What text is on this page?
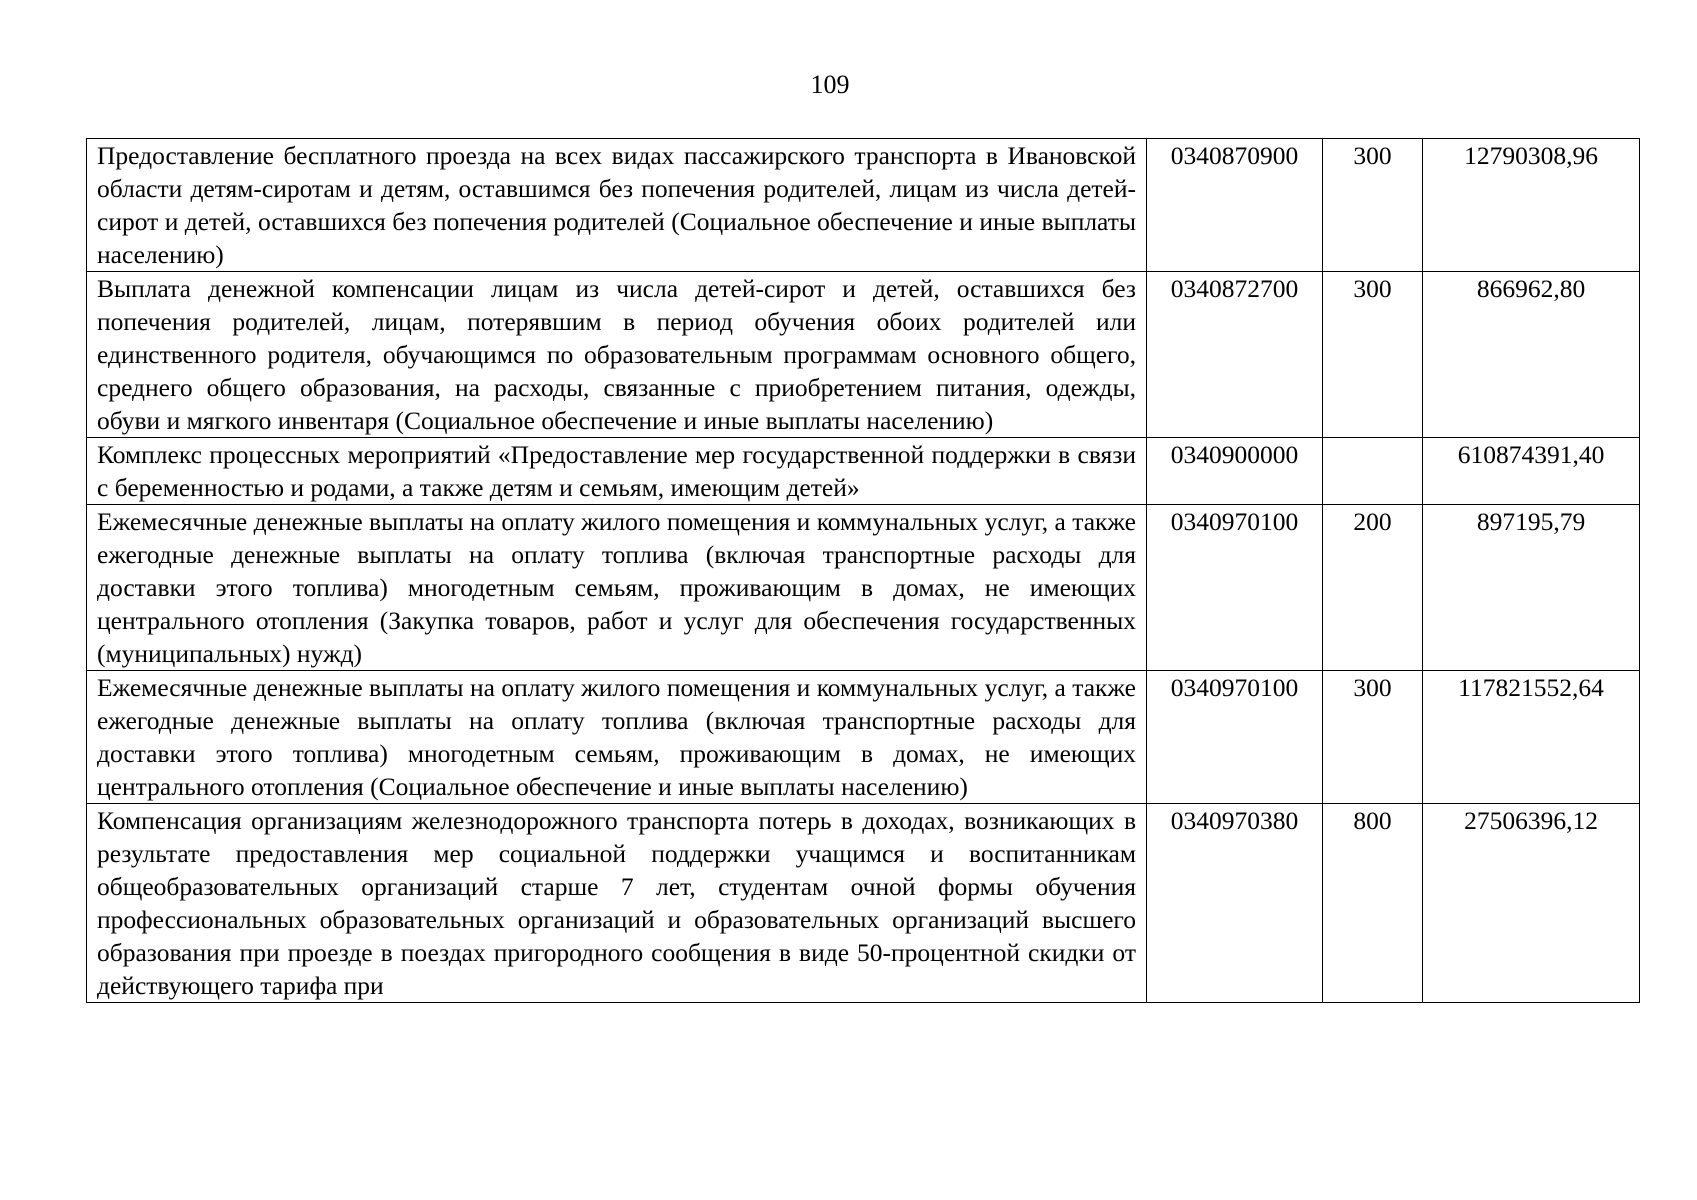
109
Предоставление бесплатного проезда на всех видах пассажирского транспорта в Ивановской области детям-сиротам и детям, оставшимся без попечения родителей, лицам из числа детей-сирот и детей, оставшихся без попечения родителей (Социальное обеспечение и иные выплаты населению)	0340870900	300	12790308,96
Выплата денежной компенсации лицам из числа детей-сирот и детей, оставшихся без попечения родителей, лицам, потерявшим в период обучения обоих родителей или единственного родителя, обучающимся по образовательным программам основного общего, среднего общего образования, на расходы, связанные с приобретением питания, одежды, обуви и мягкого инвентаря (Социальное обеспечение и иные выплаты населению)	0340872700	300	866962,80
Комплекс процессных мероприятий «Предоставление мер государственной поддержки в связи с беременностью и родами, а также детям и семьям, имеющим детей»	0340900000		610874391,40
Ежемесячные денежные выплаты на оплату жилого помещения и коммунальных услуг, а также ежегодные денежные выплаты на оплату топлива (включая транспортные расходы для доставки этого топлива) многодетным семьям, проживающим в домах, не имеющих центрального отопления (Закупка товаров, работ и услуг для обеспечения государственных (муниципальных) нужд)	0340970100	200	897195,79
Ежемесячные денежные выплаты на оплату жилого помещения и коммунальных услуг, а также ежегодные денежные выплаты на оплату топлива (включая транспортные расходы для доставки этого топлива) многодетным семьям, проживающим в домах, не имеющих центрального отопления (Социальное обеспечение и иные выплаты населению)	0340970100	300	117821552,64
Компенсация организациям железнодорожного транспорта потерь в доходах, возникающих в результате предоставления мер социальной поддержки учащимся и воспитанникам общеобразовательных организаций старше 7 лет, студентам очной формы обучения профессиональных образовательных организаций и образовательных организаций высшего образования при проезде в поездах пригородного сообщения в виде 50-процентной скидки от действующего тарифа при	0340970380	800	27506396,12
